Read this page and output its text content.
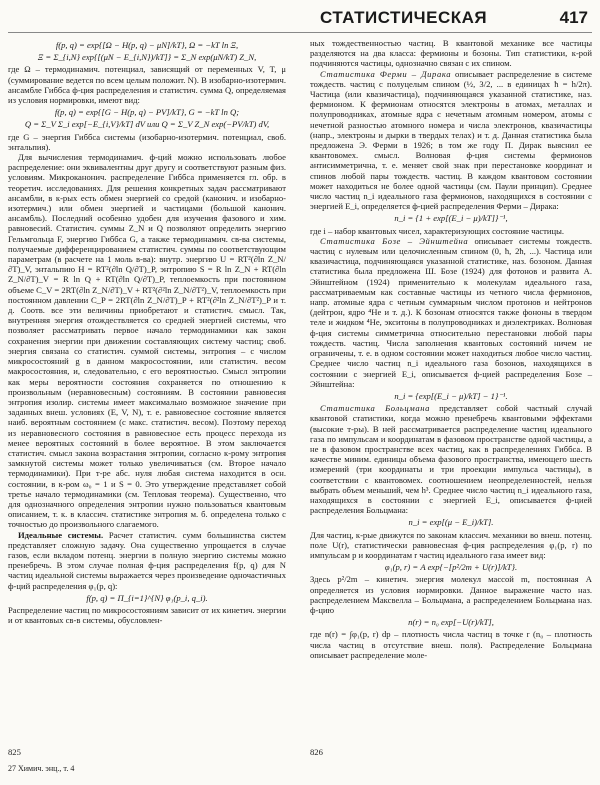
СТАТИСТИЧЕСКАЯ	417
f(p, q) = exp{[Ω − H(p, q) − μN]/kT}, Ω = −kT ln Ξ,
Ξ = Σ_{i,N} exp{[(μN − E_{i,N})/kT]} = Σ_N exp(μN/kT) Z_N,

где Ω – термодинамич. потенциал, зависящий от переменных V, T, μ (суммирование ведется по всем целым положит. N). В изобарно-изотермич. ансамбле Гиббса ф-ция распределения и статистич. сумма Q, определяемая из условия нормировки, имеют вид:

f(p, q) = exp{[G − H(p, q) − PV]/kT}, G = −kT ln Q;
Q = Σ_V Σ_i exp[−E_{i,V}/kT] dV или Q = Σ_V Z_N exp(−PV/kT) dV,

где G – энергия Гиббса системы (изобарно-изотермич. потенциал, своб. энтальпия).

Для вычисления термодинамич. ф-ций можно использовать любое распределение: они эквивалентны друг другу и соответствуют разным физ. условиям. Микроканонич. распределение Гиббса применяется гл. обр. в теоретич. исследованиях. Для решения конкретных задач рассматривают ансамбли, в к-рых есть обмен энергией со средой (канонич. и изобарно-изотермич.) или обмен энергией и частицами (большой канонич. ансамбль). Последний особенно удобен для изучения фазового и хим. равновесий. Статистич. суммы Z_N и Q позволяют определить энергию Гельмгольца F, энергию Гиббса G, а также термодинамич. св-ва системы, получаемые дифференцированием статистич. суммы по соответствующим параметрам (в расчете на 1 моль в-ва): внутр. энергию U = RT²(∂ln Z_N/∂T)_V, энтальпию H = RT²(∂ln Q/∂T)_P, энтропию S = R ln Z_N + RT(∂ln Z_N/∂T)_V = R ln Q + RT(∂ln Q/∂T)_P, теплоемкость при постоянном объеме C_V = 2RT(∂ln Z_N/∂T)_V + RT²(∂²ln Z_N/∂T²)_V, теплоемкость при постоянном давлении C_P = 2RT(∂ln Z_N/∂T)_P + RT²(∂²ln Z_N/∂T²)_P и т. д. Соотв. все эти величины приобретают и статистич. смысл. Так, внутренняя энергия отождествляется со средней энергией системы, что позволяет рассматривать первое начало термодинамики как закон сохранения энергии при движении составляющих систему частиц; своб. энергия связана со статистич. суммой системы, энтропия – с числом микросостояний g в данном макросостоянии, или статистич. весом макросостояния, и, следовательно, с его вероятностью. Смысл энтропии как меры вероятности состояния сохраняется по отношению к произвольным (неравновесным) состояниям. В состоянии равновесия энтропия изолир. системы имеет максимально возможное значение при заданных внеш. условиях (E, V, N), т. е. равновесное состояние является наиб. вероятным состоянием (с макс. статистич. весом). Поэтому переход из неравновесного состояния в равновесное есть процесс перехода из менее вероятных состояний в более вероятное. В этом заключается статистич. смысл закона возрастания энтропии, согласно к-рому энтропия замкнутой системы может только увеличиваться (см. Второе начало термодинамики). При т-ре абс. нуля любая система находится в осн. состоянии, в к-ром ω₀ = 1 и S = 0. Это утверждение представляет собой третье начало термодинамики (см. Тепловая теорема). Существенно, что для однозначного определения энтропии нужно пользоваться квантовым описанием, т. к. в классич. статистике энтропия м. б. определена только с точностью до произвольного слагаемого.

Идеальные системы. Расчет статистич. сумм большинства систем представляет сложную задачу. Она существенно упрощается в случае газов, если вкладом потенц. энергии в полную энергию системы можно пренебречь. В этом случае полная ф-ция распределения f(p, q) для N частиц идеальной системы выражается через произведение одночастичных ф-ций распределения φ₁(p, q):

f(p, q) = Π_{i=1}^{N} φ₁(p_i, q_i).

Распределение частиц по микросостояниям зависит от их кинетич. энергии и от квантовых св-в системы, обусловлен-

ных тождественностью частиц. В квантовой механике все частицы разделяются на два класса: фермионы и бозоны. Тип статистики, к-рой подчиняются частицы, однозначно связан с их спином.

Статистика Ферми – Дирака описывает распределение в системе тождеств. частиц с полуцелым спином (½, 3/2, ... в единицах ħ = h/2π). Частица (или квазичастица), подчиняющаяся указанной статистике, наз. фермионом. К фермионам относятся электроны в атомах, металлах и полупроводниках, атомные ядра с нечетным атомным номером, атомы с нечетной разностью атомного номера и числа электронов, квазичастицы (напр., электроны и дырки в твердых телах) и т. д. Данная статистика была предложена Э. Ферми в 1926; в том же году П. Дирак выяснил ее квантовомех. смысл. Волновая ф-ция системы фермионов антисимметрична, т. е. меняет свой знак при перестановке координат и спинов любой пары тождеств. частиц. В каждом квантовом состоянии может находиться не более одной частицы (см. Паули принцип). Среднее число частиц n_i идеального газа фермионов, находящихся в состоянии с энергией E_i, определяется ф-цией распределения Ферми – Дирака:

n_i = {1 + exp[(E_i − μ)/kT]}⁻¹,

где i – набор квантовых чисел, характеризующих состояние частицы.

Статистика Бозе – Эйнштейна описывает системы тождеств. частиц с нулевым или целочисленным спином (0, ħ, 2ħ, ...). Частица или квазичастица, подчиняющаяся указанной статистике, наз. бозоном. Данная статистика была предложена Ш. Бозе (1924) для фотонов и развита А. Эйнштейном (1924) применительно к молекулам идеального газа, рассматриваемым как составные частицы из четного числа фермионов, напр. атомные ядра с четным суммарным числом протонов и нейтронов (дейтрон, ядро ⁴He и т. д.). К бозонам относятся также фононы в твердом теле и жидком ⁴He, экситоны в полупроводниках и диэлектриках. Волновая ф-ция системы симметрична относительно перестановки любой пары тождеств. частиц. Числа заполнения квантовых состояний ничем не ограничены, т. е. в одном состоянии может находиться любое число частиц. Среднее число частиц n_i идеального газа бозонов, находящихся в состоянии с энергией E_i, описывается ф-цией распределения Бозе – Эйнштейна:

n_i = {exp[(E_i − μ)/kT] − 1}⁻¹.

Статистика Больцмана представляет собой частный случай квантовой статистики, когда можно пренебречь квантовыми эффектами (высокие т-ры). В ней рассматривается распределение частиц идеального газа по импульсам и координатам в фазовом пространстве одной частицы, а не в фазовом пространстве всех частиц, как в распределениях Гиббса. В качестве миним. единицы объема фазового пространства, имеющего шесть измерений (три координаты и три проекции импульса частицы), в соответствии с квантовомех. соотношением неопределенностей, нельзя выбрать объем меньший, чем h³. Среднее число частиц n_i идеального газа, находящихся в состоянии с энергией E_i, описывается ф-цией распределения Больцмана:

n_i = exp[(μ − E_i)/kT].

Для частиц, к-рые движутся по законам классич. механики во внеш. потенц. поле U(r), статистически равновесная ф-ция распределения φ₁(p, r) по импульсам p и координатам r частиц идеального газа имеет вид:

φ₁(p, r) = A exp{−[p²/2m + U(r)]/kT}.

Здесь p²/2m – кинетич. энергия молекул массой m, постоянная A определяется из условия нормировки. Данное выражение часто наз. распределением Максвелла – Больцмана, а распределением Больцмана наз. ф-цию

n(r) = n₀ exp[−U(r)/kT],

где n(r) = ∫φ₁(p, r) dp – плотность числа частиц в точке r (n₀ – плотность числа частиц в отсутствие внеш. поля). Распределение Больцмана описывает распределение моле-

825
27 Химич. энц., т. 4
826
